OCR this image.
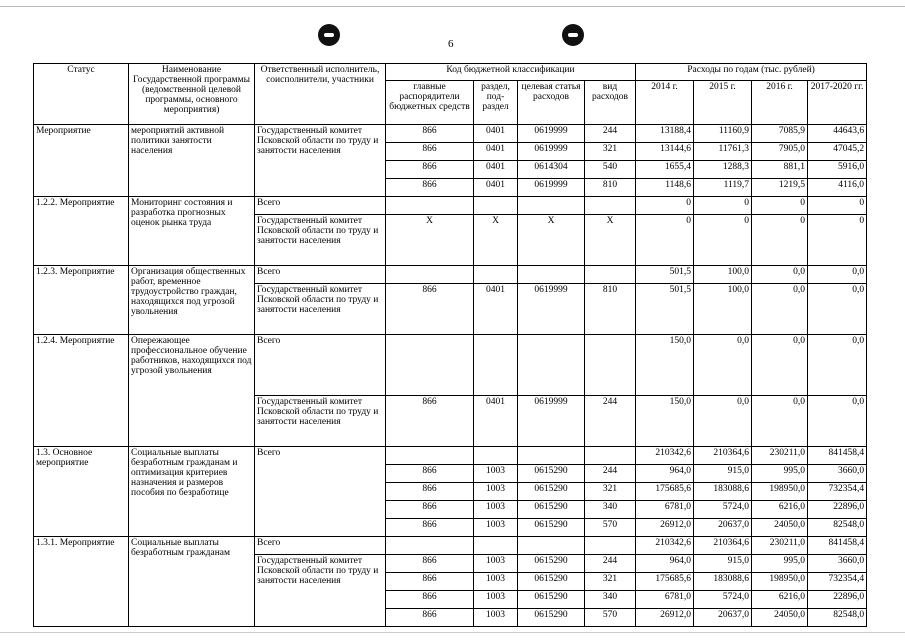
6
Статус	Наименование Государственной программы (ведомственной целевой программы, основного мероприятия)	Ответственный исполнитель, соисполнители, участники	Код бюджетной классификации				Расходы по годам (тыс. рублей)			
			главные распорядители бюджетных средств	раздел, под-раздел	целевая статья расходов	вид расходов	2014 г.	2015 г.	2016 г.	2017-2020 гг.
Мероприятие	мероприятий активной политики занятости населения	Государственный комитет Псковской области по труду и занятости населения	866	0401	0619999	244	13188,4	11160,9	7085,9	44643,6
			866	0401	0619999	321	13144,6	11761,3	7905,0	47045,2
			866	0401	0614304	540	1655,4	1288,3	881,1	5916,0
			866	0401	0619999	810	1148,6	1119,7	1219,5	4116,0
1.2.2. Мероприятие	Мониторинг состояния и разработка прогнозных оценок рынка труда	Всего					0	0	0	0
		Государственный комитет Псковской области по труду и занятости населения	X	X	X	X	0	0	0	0
1.2.3. Мероприятие	Организация общественных работ, временное трудоустройство граждан, находящихся под угрозой увольнения	Всего					501,5	100,0	0,0	0,0
		Государственный комитет Псковской области по труду и занятости населения	866	0401	0619999	810	501,5	100,0	0,0	0,0
1.2.4. Мероприятие	Опережающее профессиональное обучение работников, находящихся под угрозой увольнения	Всего					150,0	0,0	0,0	0,0
		Государственный комитет Псковской области по труду и занятости населения	866	0401	0619999	244	150,0	0,0	0,0	0,0
1.3. Основное мероприятие	Социальные выплаты безработным гражданам и оптимизация критериев назначения и размеров пособия по безработице	Всего					210342,6	210364,6	230211,0	841458,4
			866	1003	0615290	244	964,0	915,0	995,0	3660,0
			866	1003	0615290	321	175685,6	183088,6	198950,0	732354,4
			866	1003	0615290	340	6781,0	5724,0	6216,0	22896,0
			866	1003	0615290	570	26912,0	20637,0	24050,0	82548,0
1.3.1. Мероприятие	Социальные выплаты безработным гражданам	Всего					210342,6	210364,6	230211,0	841458,4
		Государственный комитет Псковской области по труду и занятости населения	866	1003	0615290	244	964,0	915,0	995,0	3660,0
			866	1003	0615290	321	175685,6	183088,6	198950,0	732354,4
			866	1003	0615290	340	6781,0	5724,0	6216,0	22896,0
			866	1003	0615290	570	26912,0	20637,0	24050,0	82548,0
